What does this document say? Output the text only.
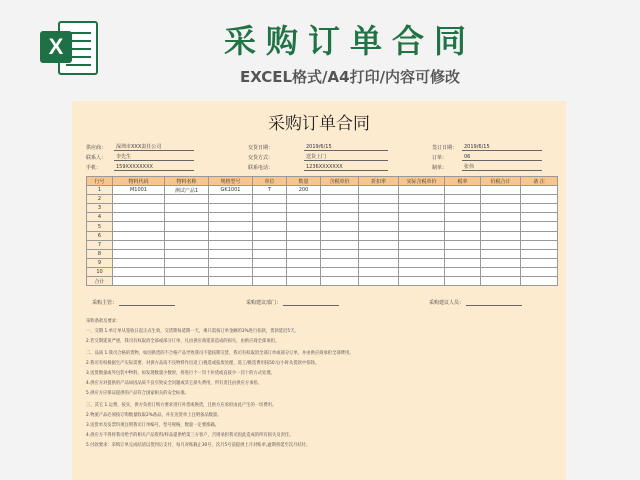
X	采购订单合同
EXCEL格式/A4打印/内容可修改
采购订单合同
供应商：	深圳市XXX责任公司
联系人：	李先生
手机：	159XXXXXXXX
交货日期：	2019/6/15
交货方式：	送货上门
联系电话：	1236XXXXXXX
签订日期：	2019/6/15
订单：	06
制单：	张伟
行号	物料代码	物料名称	规格型号	单位	数量	含税单价	折扣率	实际含税单价	税率	价税合计	备 注
1	M1001	测试产品1	GK1001	T	200						
2											
3											
4											
5											
6											
7											
8											
9											
10											
合计											
采购主管：	采购建议部门：	采购建议人员：
采购条款及要求：
一、交期 1.单订单从签收日起正式生效，交货期每延期一天，乘只需按订单金额的3%进行扣款，货款延迟5天。
2.若交期延误严重，我司有权取消全部或部分订单，凡由供应商延误造成的损失，由供应商全部承担。
二、品质 1.我司合格的货物，如因供货的不合格产品导致我司不能按期交货，我司有权取消全部订单或部分订单，并由供应商承担全部费用。
2.我司有权根据生产实际需要，对供方品质不良物料作出返工/挑选或报废处理，返工/挑选费用按50元/小时从货款中扣除。
3.送货数量或外包装中物料，如发现数量少数时，将进行个一罚十补货或直接少一罚十的方式处理。
4.供应方对提供的产品如因品质不良引致安全问题或其它损失费用，所有责任由供应方承担。
5.供应方应保证提供的产品符合国家相关的安全标准。
三、其它 1.运费，按实，供方负担订购方要求进行补货或换货，且供方应承担由此产生的一切费用。
2.物流产品必须按订购数量收取2%备品，并在送货单上注明备品数量。
3.送货单及发票均须注明我司订单编号，型号规格，数量一定要准确。
4.供应方不得将我司给予的相关产品资料/样品提供给第三方客户，否则承担我司因此造成的所有损失及责任。
5.付款要求：采购订单完成结清以货到后支付，每月对账截止30号，次月5号前提供上月对账单,逾期将延至次月结付。
